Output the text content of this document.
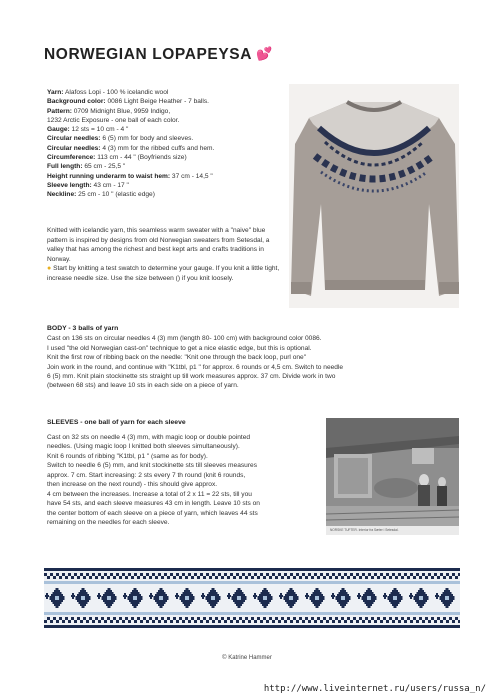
NORWEGIAN LOPAPEYSA 💕
Yarn: Alafoss Lopi - 100 % icelandic wool
Background color: 0086 Light Beige Heather - 7 balls.
Pattern: 0709 Midnight Blue, 9959 Indigo,
1232 Arctic Exposure - one ball of each color.
Gauge: 12 sts = 10 cm - 4 "
Circular needles: 6 (5) mm for body and sleeves.
Circular needles: 4 (3) mm for the ribbed cuffs and hem.
Circumference: 113 cm - 44 " (Boyfriends size)
Full length: 65 cm - 25,5 "
Height running underarm to waist hem: 37 cm - 14,5 "
Sleeve length: 43 cm - 17 "
Neckline: 25 cm - 10 " (elastic edge)

Knitted with icelandic yarn, this seamless warm sweater with a "naive" blue pattern is inspired by designs from old Norwegian sweaters from Setesdal, a valley that has among the richest and best kept arts and crafts traditions in Norway.

● Start by knitting a test swatch to determine your gauge. If you knit a little tight, increase needle size. Use the size between () if you knit loosely.

BODY - 3 balls of yarn
Cast on 136 sts on circular needles 4 (3) mm (length 80- 100 cm) with background color 0086.
I used "the old Norwegian cast-on" technique to get a nice elastic edge, but this is optional.
Knit the first row of ribbing back on the needle: "Knit one through the back loop, purl one"
Join work in the round, and continue with "K1tbl, p1 " for approx. 6 rounds or 4,5 cm. Switch to needle
6 (5) mm. Knit plain stockinette sts straight up till work measures approx. 37 cm. Divide work in two
(between 68 sts) and leave 10 sts in each side on a piece of yarn.
SLEEVES - one ball of yarn for each sleeve
Cast on 32 sts on needle 4 (3) mm, with magic loop or double pointed
needles. (Using magic loop I knitted both sleeves simultaneously).
Knit 6 rounds of ribbing "K1tbl, p1 " (same as for body).
Switch to needle 6 (5) mm, and knit stockinette sts till sleeves measures
approx. 7 cm. Start increasing: 2 sts every 7 th round (knit 6 rounds,
then increase on the next round) - this should give approx.
4 cm between the increases. Increase a total of 2 x 11 = 22 sts, till you
have 54 sts, and each sleeve measures 43 cm in length. Leave 10 sts on
the center bottom of each sleeve on a piece of yarn, which leaves 44 sts
remaining on the needles for each sleeve.
NORSKE TUFTER. Interior fra Sæter i Setesdal.
© Katrine Hammer
http://www.liveinternet.ru/users/russa_n/
